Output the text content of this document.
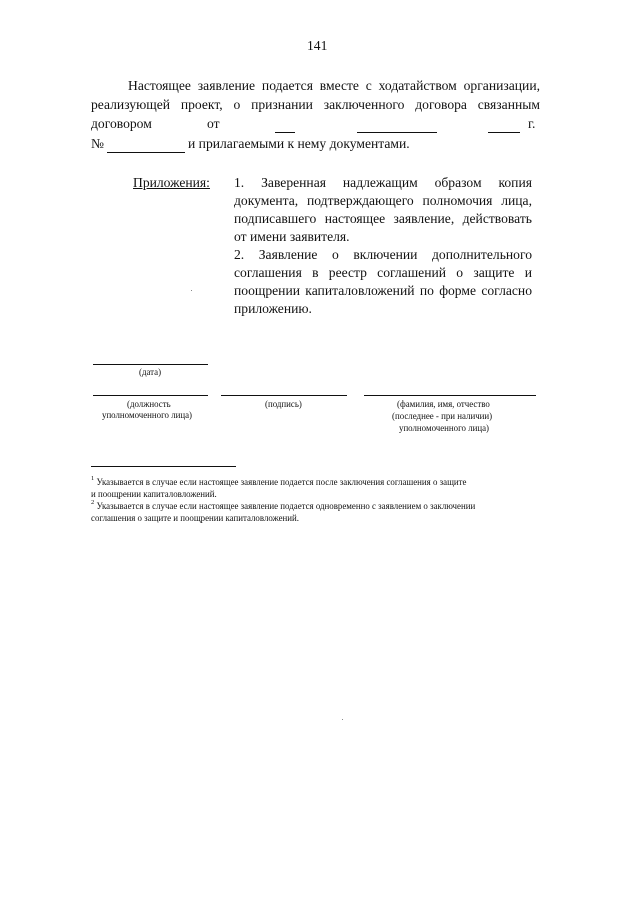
141
Настоящее заявление подается вместе с ходатайством организации,
реализующей проект, о признании заключенного договора связанным
договором	от	г.
№	и прилагаемыми к нему документами.
Приложения: 1. Заверенная надлежащим образом копия
документа, подтверждающего полномочия лица,
подписавшего настоящее заявление, действовать
от имени заявителя.
2. Заявление о включении дополнительного
соглашения в реестр соглашений о защите и
поощрении капиталовложений по форме согласно
приложению.
(дата)
(должность
уполномоченного лица)
(подпись)	(фамилия, имя, отчество
(последнее - при наличии)
уполномоченного лица)
$^1$ Указывается в случае если настоящее заявление подается после заключения соглашения о защите
и поощрении капиталовложений.
$^2$ Указывается в случае если настоящее заявление подается одновременно с заявлением о заключении
соглашения о защите и поощрении капиталовложений.
